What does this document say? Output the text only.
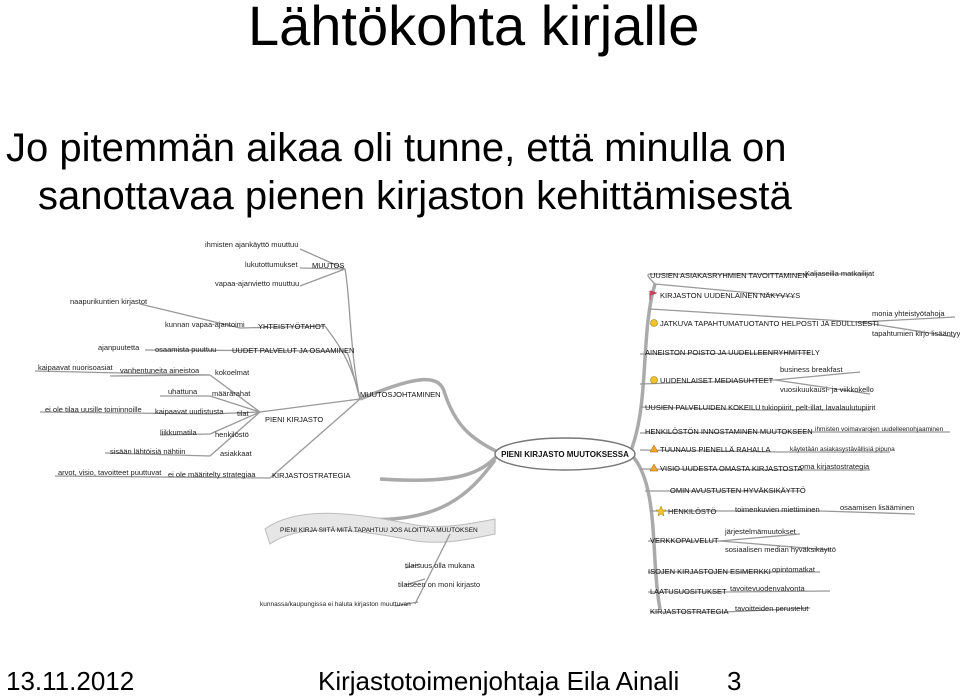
Lähtökohta kirjalle
Jo pitemmän aikaa oli tunne, että minulla on
sanottavaa pienen kirjaston kehittämisestä
PIENI KIRJASTO MUUTOKSESSA
MUUTOS
YHTEISTYÖTAHOT
UUDET PALVELUT JA OSAAMINEN
MUUTOSJOHTAMINEN
PIENI KIRJASTO
KIRJASTOSTRATEGIA
PIENI KIRJA SIITÄ MITÄ TAPAHTUU JOS ALOITTAA MUUTOKSEN
ihmisten ajankäyttö muuttuu
lukutottumukset
vapaa-ajanvietto muuttuu
naapurikuntien kirjastot
kunnan vapaa-ajantoimi
ajanpuutetta osaamista puuttuu
kaipaavat nuorisoasiat vanhentuneita aineistoa kokoelmat
uhattuna määrärahat
ei ole tilaa uusille toiminnoille kaipaavat uudistusta tilat
liikkumatila henkilöstö
asiakkaat
sisään lähtöisiä nähtiin
arvot, visio, tavoitteet puuttuvat ei ole määritelty strategiaa
tilaisuus olla mukana
tilaiseen on moni kirjasto
kunnassa/kaupungissa ei haluta kirjaston muuttuvan
UUSIEN ASIAKASRYHMIEN TAVOITTAMINEN
KIRJASTON UUDENLAINEN NÄKYVYYS
JATKUVA TAPAHTUMATUOTANTO HELPOSTI JA EDULLISESTI
AINEISTON POISTO JA UUDELLEENRYHMITTELY
UUDENLAISET MEDIASUHTEET
UUSIEN PALVELUIDEN KOKEILU
HENKILÖSTÖN INNOSTAMINEN MUUTOKSEEN
TUUNAUS PIENELLÄ RAHALLA
VISIO UUDESTA OMASTA KIRJASTOSTA
OMIN AVUSTUSTEN HYVÄKSIKÄYTTÖ
HENKILÖSTÖ
VERKKOPALVELUT
ISOJEN KIRJASTOJEN ESIMERKKI
LAATUSUOSITUKSET
KIRJASTOSTRATEGIA
Kaljaseilla matkailijat
monia yhteistyötahoja
tapahtumien kirjo lisääntyy
business breakfast
vuosikuukausi- ja viikkokello
tukiopiirit, pelt-illat, lavalaulutupiirit
ihmisten voimavarojen uudelleenohjaaminen
käytetään asiakasystävällisiä pipuna
oma kirjastostrategia
toimenkuvien miettiminen	osaamisen lisääminen
järjestelmämuutokset
sosiaalisen median hyväksikäyttö
opintomatkat
tavoitevuodenvalvonta
tavoitteiden perustelut
13.11.2012	Kirjastotoimenjohtaja Eila Ainali 3
